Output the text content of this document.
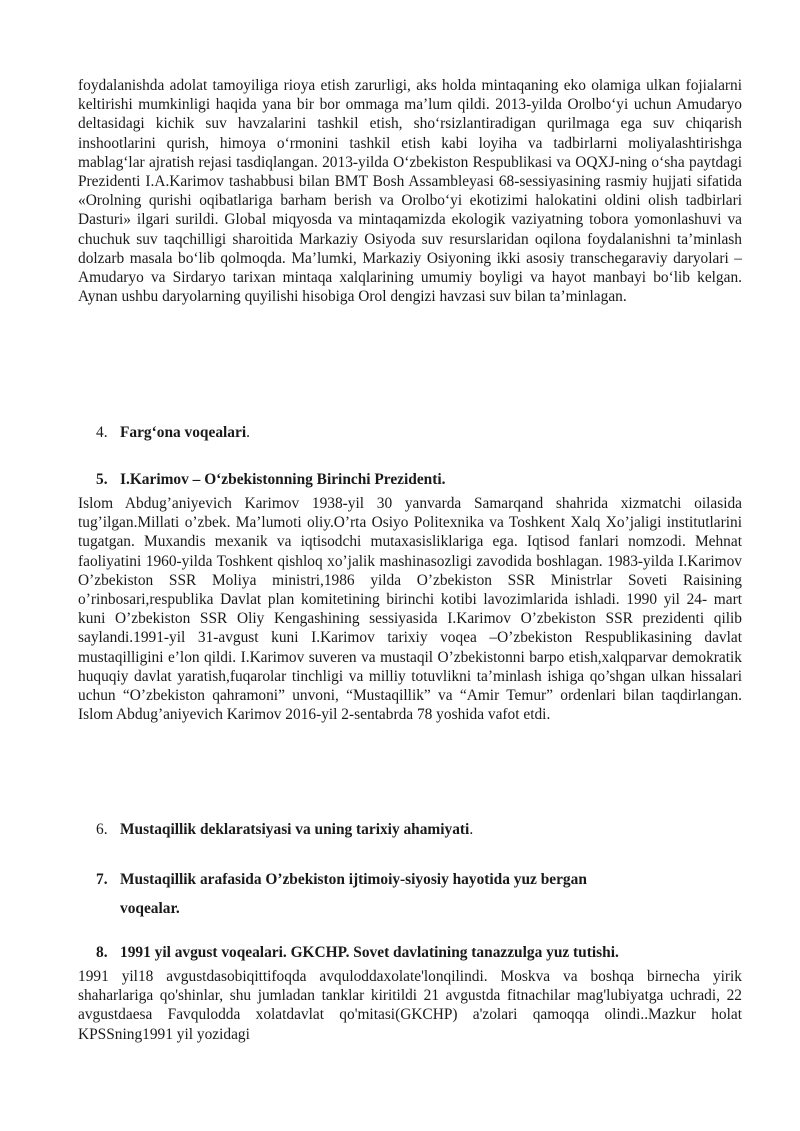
foydalanishda adolat tamoyiliga rioya etish zarurligi, aks holda mintaqaning eko olamiga ulkan fojialarni keltirishi mumkinligi haqida yana bir bor ommaga maʼlum qildi. 2013-yilda Orolboʻyi uchun Amudaryo deltasidagi kichik suv havzalarini tashkil etish, shoʻrsizlantiradigan qurilmaga ega suv chiqarish inshootlarini qurish, himoya oʻrmonini tashkil etish kabi loyiha va tadbirlarni moliyalashtirishga mablagʻlar ajratish rejasi tasdiqlangan. 2013-yilda Oʻzbekiston Respublikasi va OQXJ-ning oʻsha paytdagi Prezidenti I.A.Karimov tashabbusi bilan BMT Bosh Assambleyasi 68-sessiyasining rasmiy hujjati sifatida «Orolning qurishi oqibatlariga barham berish va Orolboʻyi ekotizimi halokatini oldini olish tadbirlari Dasturi» ilgari surildi. Global miqyosda va mintaqamizda ekologik vaziyatning tobora yomonlashuvi va chuchuk suv taqchilligi sharoitida Markaziy Osiyoda suv resurslaridan oqilona foydalanishni taʼminlash dolzarb masala boʻlib qolmoqda. Maʼlumki, Markaziy Osiyoning ikki asosiy transchegaraviy daryolari – Amudaryo va Sirdaryo tarixan mintaqa xalqlarining umumiy boyligi va hayot manbayi boʻlib kelgan. Aynan ushbu daryolarning quyilishi hisobiga Orol dengizi havzasi suv bilan taʼminlagan.

4. Farg‘ona voqealari.
5. I.Karimov – O‘zbekistonning Birinchi Prezidenti.

Islom Abdug’aniyevich Karimov 1938-yil 30 yanvarda Samarqand shahrida xizmatchi oilasida tug’ilgan.Millati o’zbek. Ma’lumoti oliy.O’rta Osiyo Politexnika va Toshkent Xalq Xo’jaligi institutlarini tugatgan. Muxandis mexanik va iqtisodchi mutaxasisliklariga ega. Iqtisod fanlari nomzodi. Mehnat faoliyatini 1960-yilda Toshkent qishloq xo’jalik mashinasozligi zavodida boshlagan. 1983-yilda I.Karimov O’zbekiston SSR Moliya ministri,1986 yilda O’zbekiston SSR Ministrlar Soveti Raisining o’rinbosari,respublika Davlat plan komitetining birinchi kotibi lavozimlarida ishladi. 1990 yil 24- mart kuni O’zbekiston SSR Oliy Kengashining sessiyasida I.Karimov O’zbekiston SSR prezidenti qilib saylandi.1991-yil 31-avgust kuni I.Karimov tarixiy voqea –O’zbekiston Respublikasining davlat mustaqilligini e’lon qildi. I.Karimov suveren va mustaqil O’zbekistonni barpo etish,xalqparvar demokratik huquqiy davlat yaratish,fuqarolar tinchligi va milliy totuvlikni ta’minlash ishiga qo’shgan ulkan hissalari uchun “O’zbekiston qahramoni” unvoni, “Mustaqillik” va “Amir Temur” ordenlari bilan taqdirlangan. Islom Abdug’aniyevich Karimov 2016-yil 2-sentabrda 78 yoshida vafot etdi.

6. Mustaqillik deklaratsiyasi va uning tarixiy ahamiyati.
7. Mustaqillik arafasida O’zbekiston ijtimoiy-siyosiy hayotida yuz bergan
voqealar.
8. 1991 yil avgust voqealari. GKCHP. Sovet davlatining tanazzulga yuz tutishi.

1991 yil18 avgustdasobiqittifoqda avquloddaxolate'lonqilindi. Moskva va boshqa birnecha yirik shaharlariga qo'shinlar, shu jumladan tanklar kiritildi 21 avgustda fitnachilar mag'lubiyatga uchradi, 22 avgustdaesa Favqulodda xolatdavlat qo'mitasi(GKCHP) a'zolari qamoqqa olindi..Mazkur holat KPSSning1991 yil yozidagi
